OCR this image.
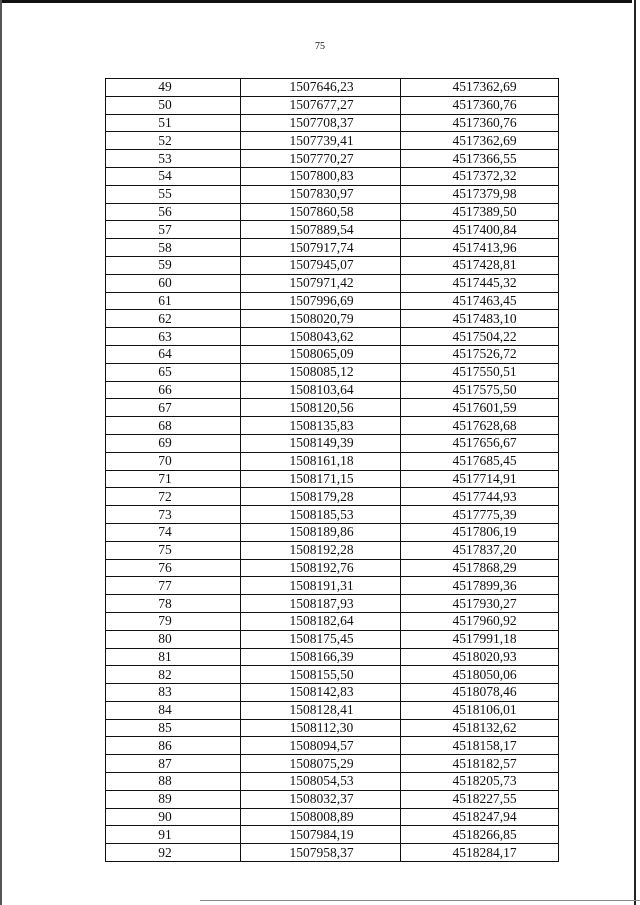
75
49	1507646,23	4517362,69
50	1507677,27	4517360,76
51	1507708,37	4517360,76
52	1507739,41	4517362,69
53	1507770,27	4517366,55
54	1507800,83	4517372,32
55	1507830,97	4517379,98
56	1507860,58	4517389,50
57	1507889,54	4517400,84
58	1507917,74	4517413,96
59	1507945,07	4517428,81
60	1507971,42	4517445,32
61	1507996,69	4517463,45
62	1508020,79	4517483,10
63	1508043,62	4517504,22
64	1508065,09	4517526,72
65	1508085,12	4517550,51
66	1508103,64	4517575,50
67	1508120,56	4517601,59
68	1508135,83	4517628,68
69	1508149,39	4517656,67
70	1508161,18	4517685,45
71	1508171,15	4517714,91
72	1508179,28	4517744,93
73	1508185,53	4517775,39
74	1508189,86	4517806,19
75	1508192,28	4517837,20
76	1508192,76	4517868,29
77	1508191,31	4517899,36
78	1508187,93	4517930,27
79	1508182,64	4517960,92
80	1508175,45	4517991,18
81	1508166,39	4518020,93
82	1508155,50	4518050,06
83	1508142,83	4518078,46
84	1508128,41	4518106,01
85	1508112,30	4518132,62
86	1508094,57	4518158,17
87	1508075,29	4518182,57
88	1508054,53	4518205,73
89	1508032,37	4518227,55
90	1508008,89	4518247,94
91	1507984,19	4518266,85
92	1507958,37	4518284,17
